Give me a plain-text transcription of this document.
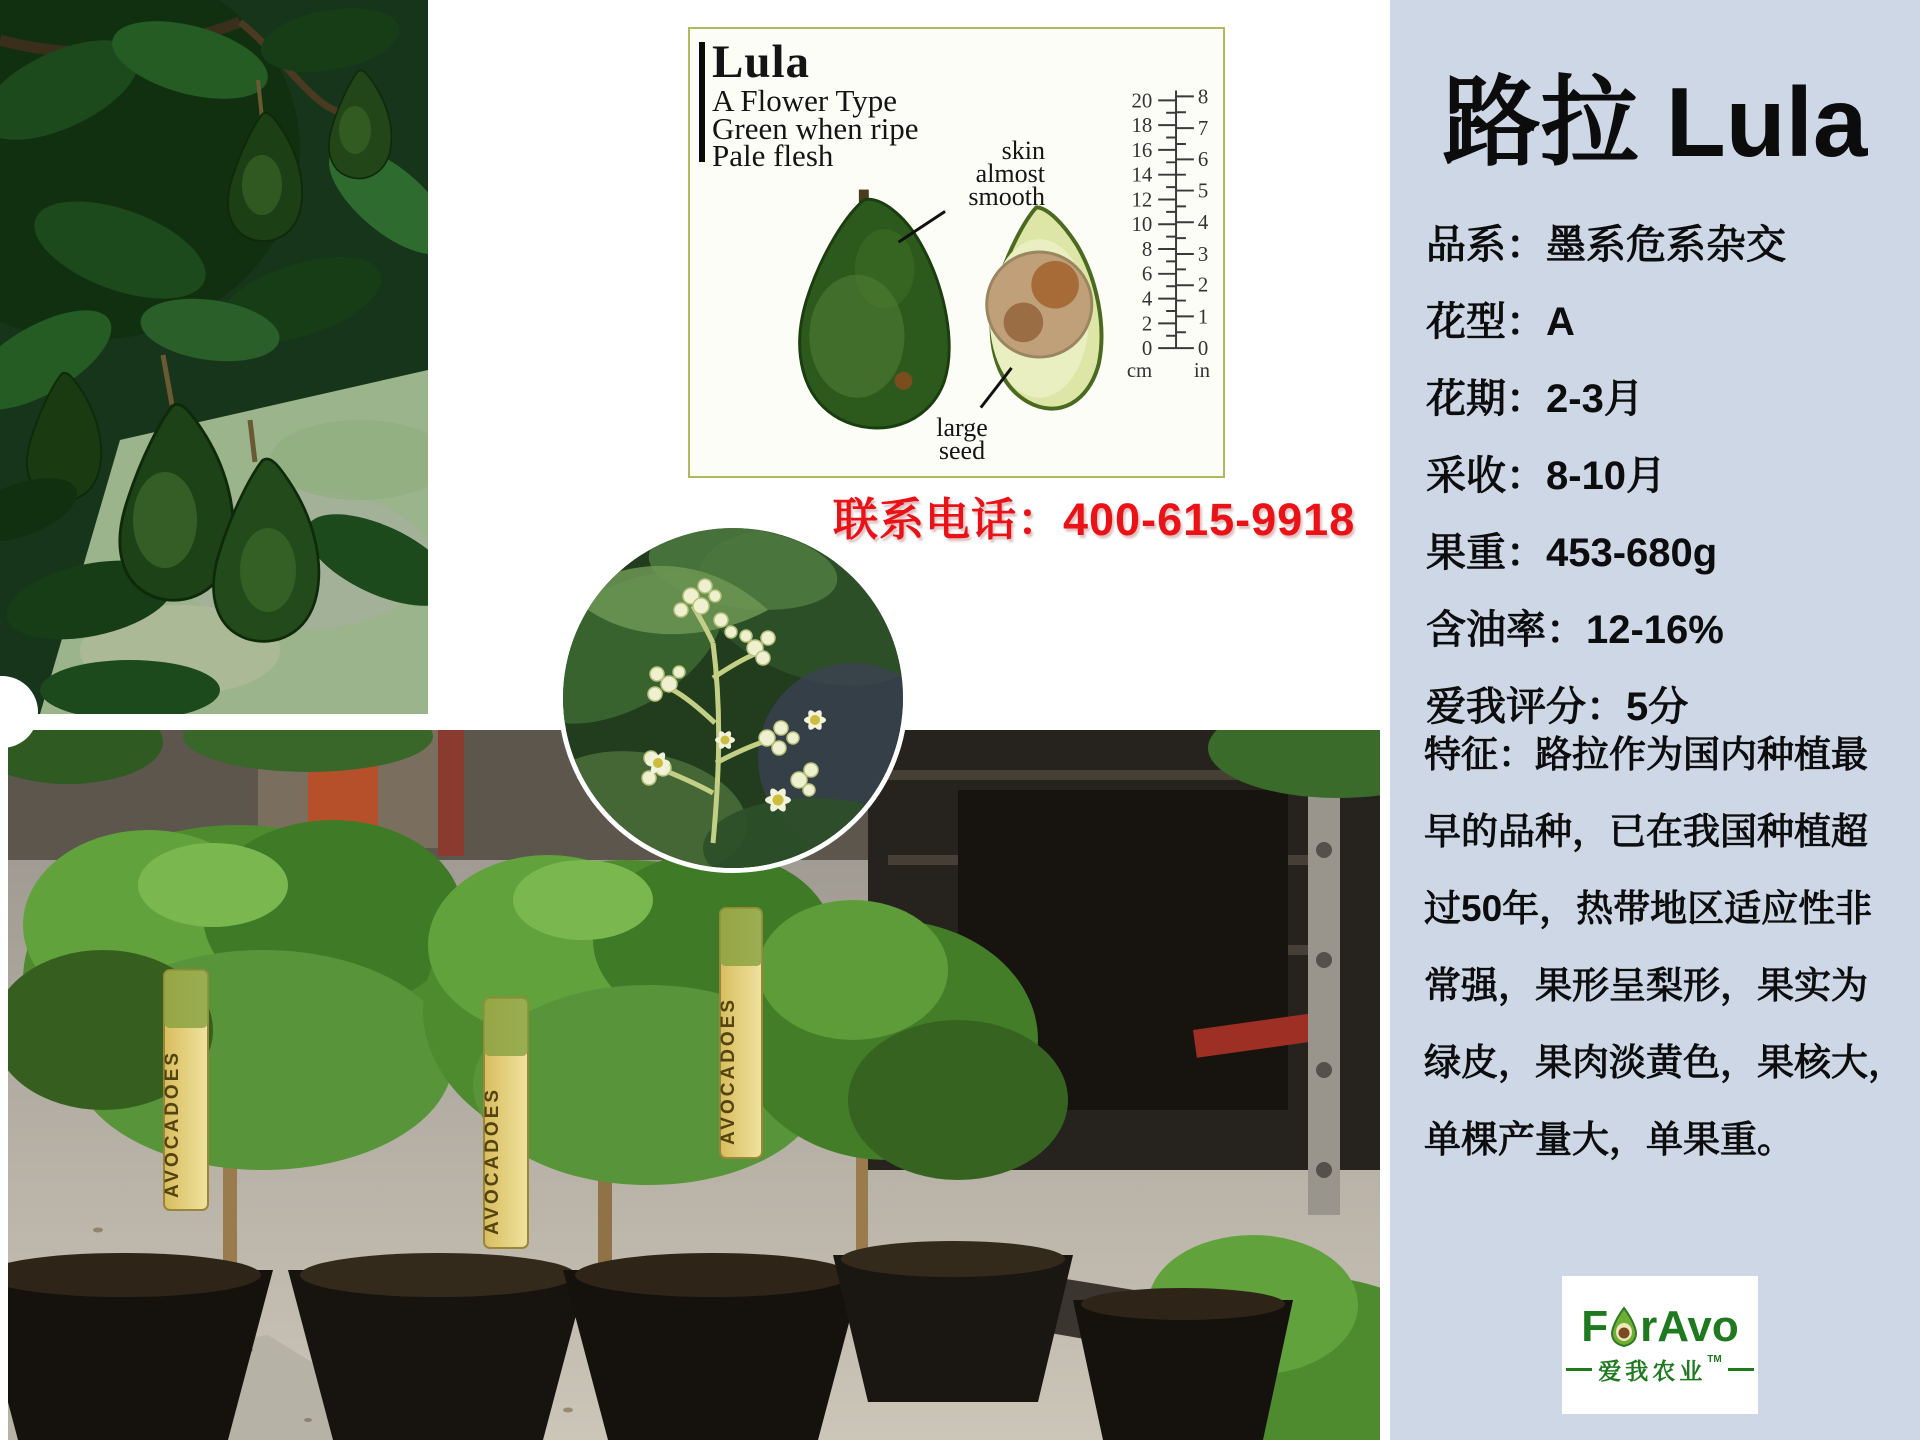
20
18
16
14
12
10
8
6
4
2
0
8
7
6
5
4
3
2
1
0
cm in
Lula
A Flower Type
Green when ripe
Pale flesh	skin
almost
smooth
large
seed
联系电话：400-615-9918
AVOCADOES	AVOCADOES
AVOCADOES
路拉 Lula
品系：墨系危系杂交
花型：A
花期：2-3月
采收：8-10月
果重：453-680g
含油率：12-16%
爱我评分：5分
特征：路拉作为国内种植最
早的品种，已在我国种植超
过50年，热带地区适应性非
常强，果形呈梨形，果实为
绿皮，果肉淡黄色，果核大，
单棵产量大，单果重。
F rAvo
爱我农业 TM
